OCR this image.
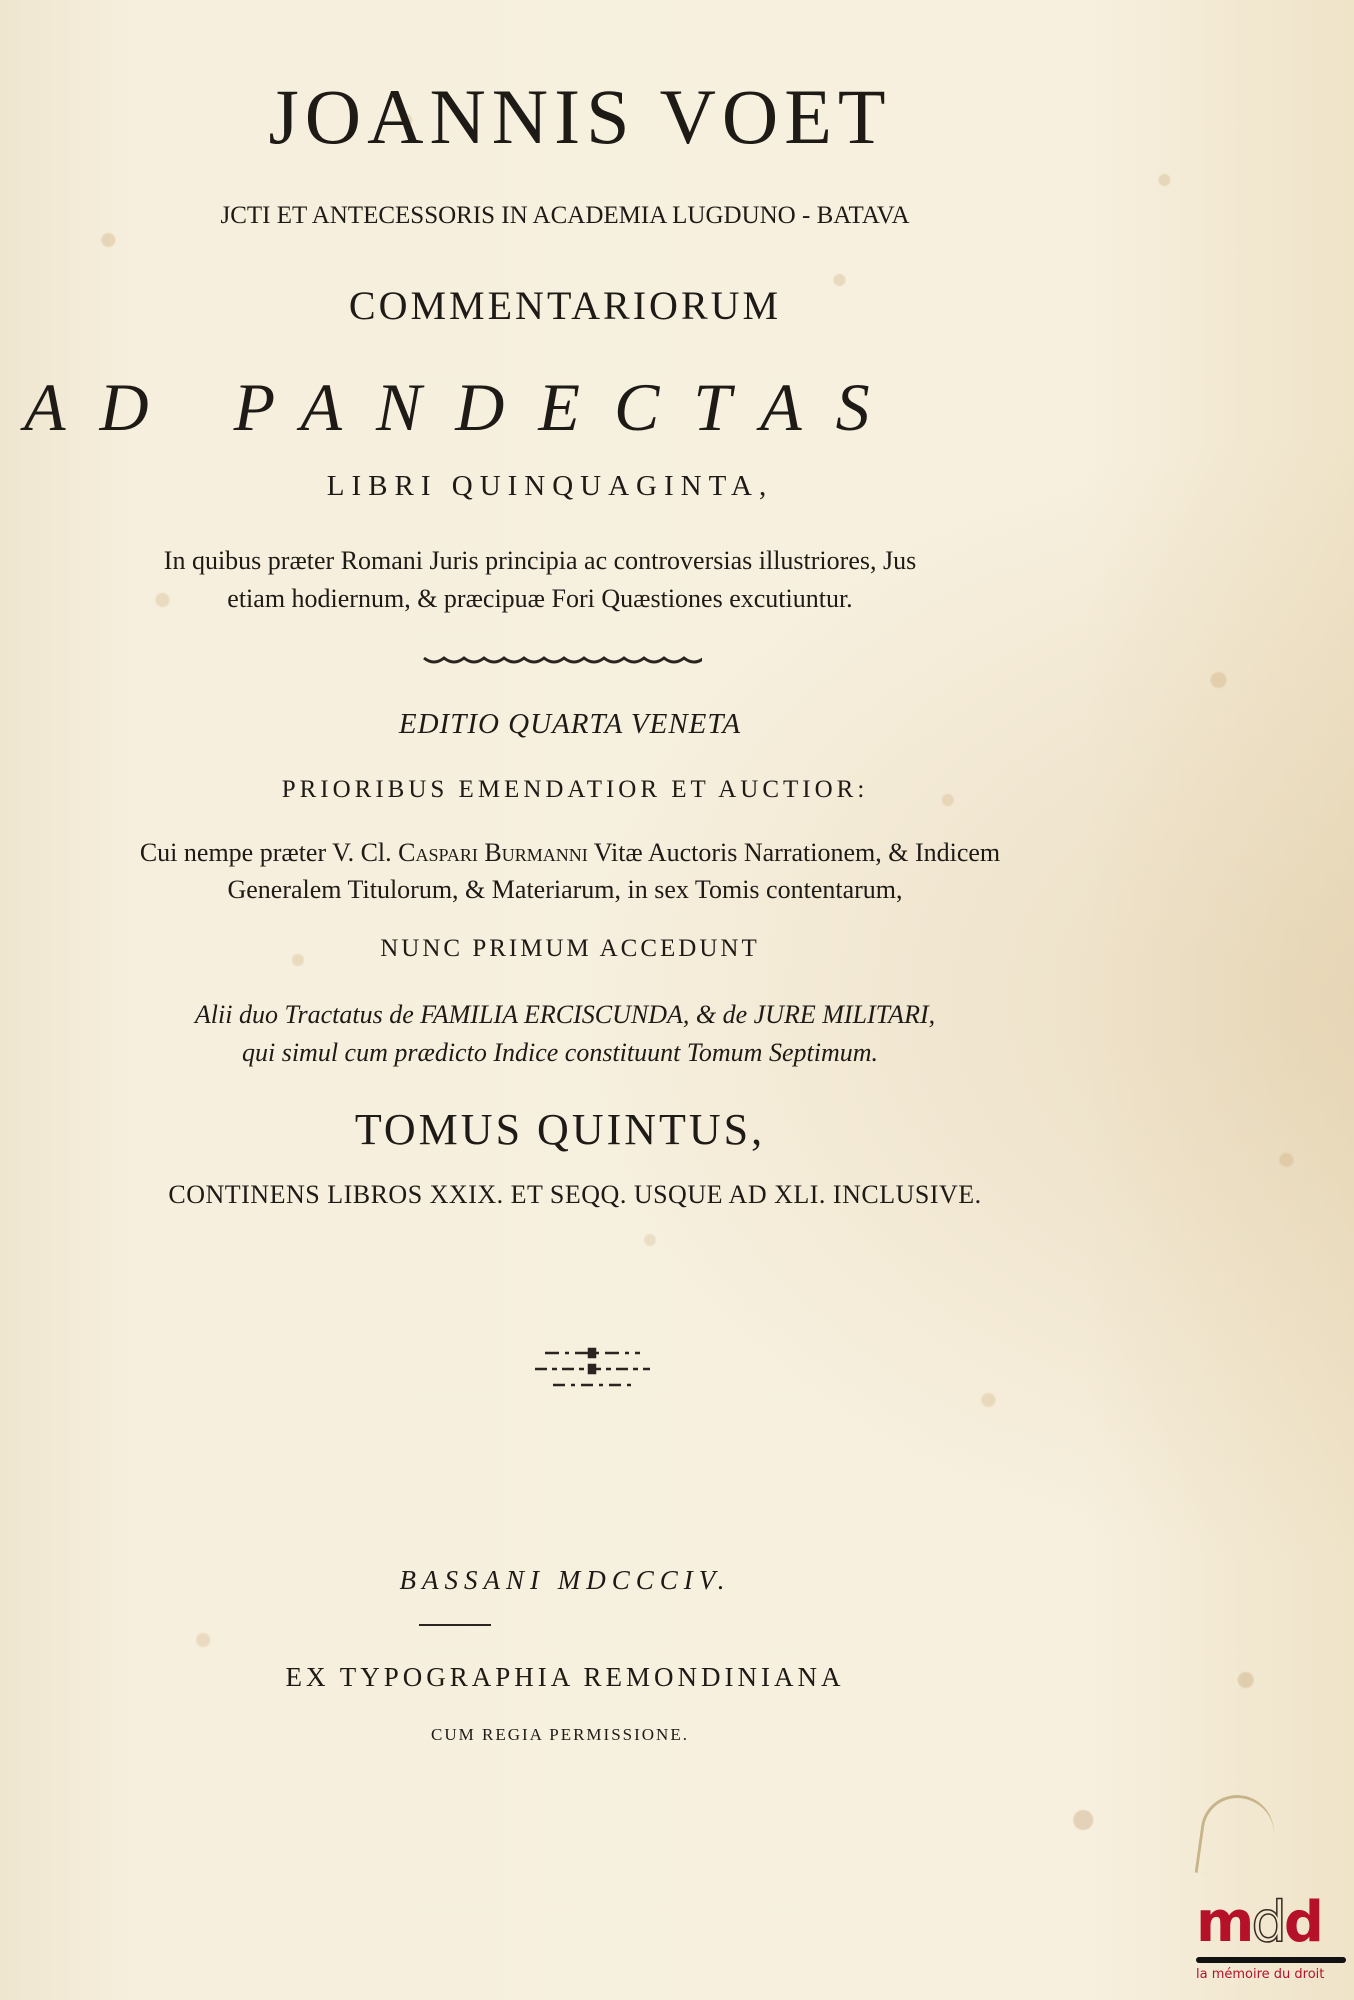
JOANNIS VOET
JCTI ET ANTECESSORIS IN ACADEMIA LUGDUNO - BATAVA
COMMENTARIORUM
AD PANDECTAS
LIBRI QUINQUAGINTA,
In quibus præter Romani Juris principia ac controversias illustriores, Jus
etiam hodiernum, & præcipuæ Fori Quæstiones excutiuntur.
EDITIO QUARTA VENETA
PRIORIBUS EMENDATIOR ET AUCTIOR:
Cui nempe præter V. Cl. Caspari Burmanni Vitæ Auctoris Narrationem, & Indicem
Generalem Titulorum, & Materiarum, in sex Tomis contentarum,
NUNC PRIMUM ACCEDUNT
Alii duo Tractatus de FAMILIA ERCISCUNDA, & de JURE MILITARI,
qui simul cum prædicto Indice constituunt Tomum Septimum.
TOMUS QUINTUS,
CONTINENS LIBROS XXIX. ET SEQQ. USQUE AD XLI. INCLUSIVE.
BASSANI MDCCCIV.
EX TYPOGRAPHIA REMONDINIANA
CUM REGIA PERMISSIONE.
mdd
la mémoire du droit
